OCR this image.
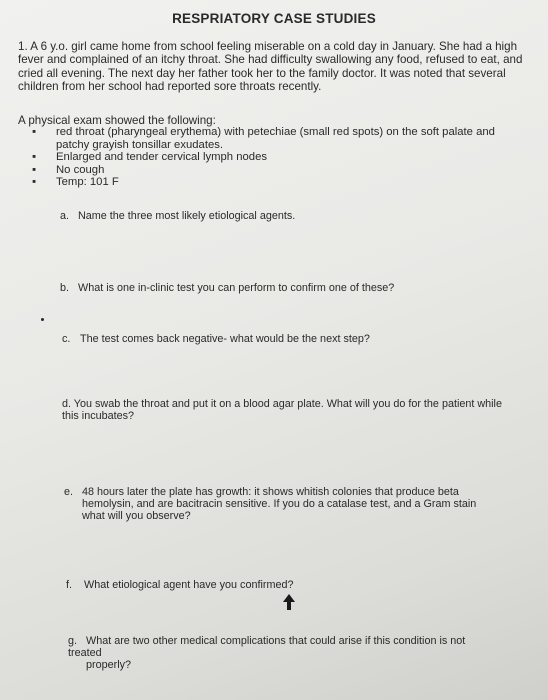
RESPRIATORY CASE STUDIES
1. A 6 y.o. girl came home from school feeling miserable on a cold day in January. She had a high fever and complained of an itchy throat. She had difficulty swallowing any food, refused to eat, and cried all evening. The next day her father took her to the family doctor. It was noted that several children from her school had reported sore throats recently.
A physical exam showed the following:
▪ red throat (pharyngeal erythema) with petechiae (small red spots) on the soft palate and patchy grayish tonsillar exudates.
▪ Enlarged and tender cervical lymph nodes
▪ No cough
▪ Temp: 101 F
a. Name the three most likely etiological agents.
b. What is one in-clinic test you can perform to confirm one of these?
c. The test comes back negative- what would be the next step?
d. You swab the throat and put it on a blood agar plate. What will you do for the patient while this incubates?
e. 48 hours later the plate has growth: it shows whitish colonies that produce beta
hemolysin, and are bacitracin sensitive. If you do a catalase test, and a Gram stain what will you observe?
f. What etiological agent have you confirmed?
g. What are two other medical complications that could arise if this condition is not treated
properly?
